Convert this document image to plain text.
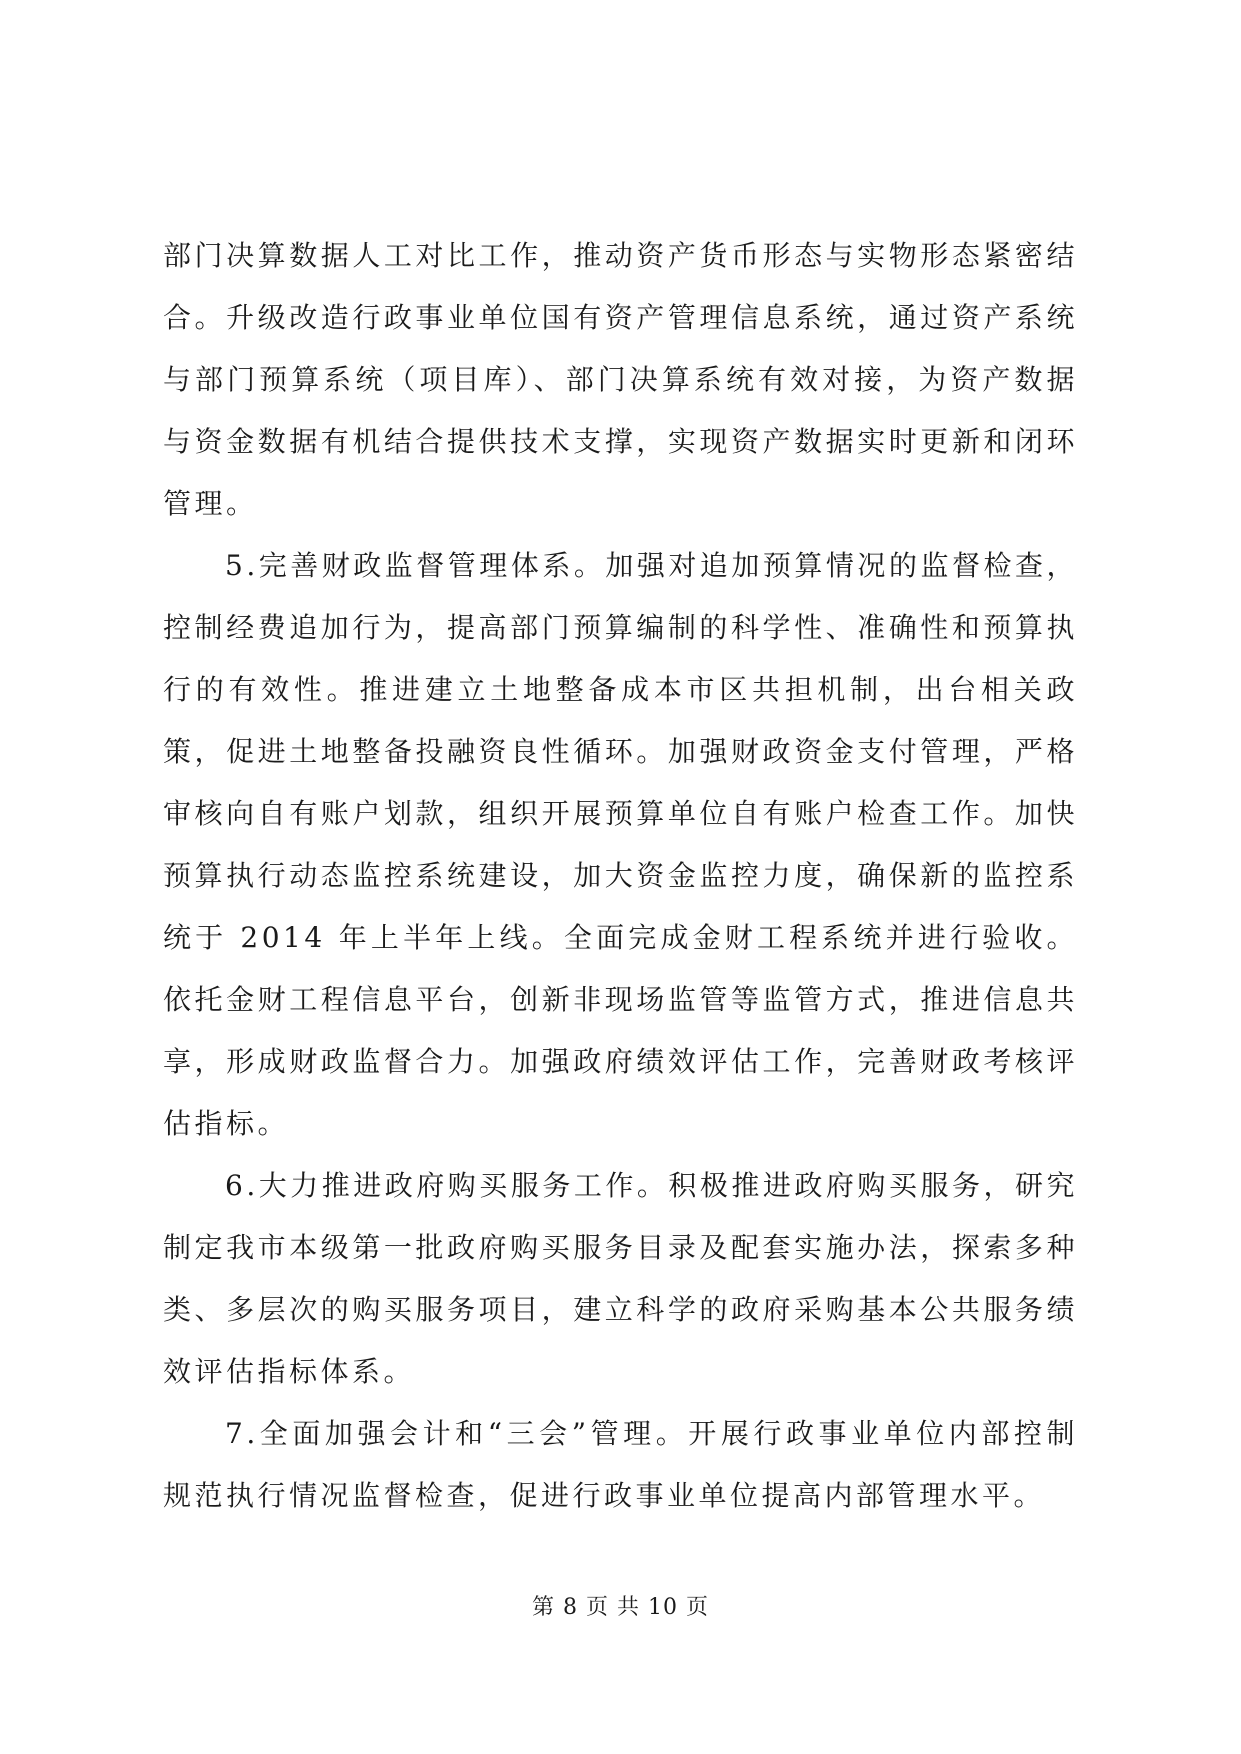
部门决算数据人工对比工作，推动资产货币形态与实物形态紧密结合。升级改造行政事业单位国有资产管理信息系统，通过资产系统与部门预算系统（项目库）、部门决算系统有效对接，为资产数据与资金数据有机结合提供技术支撑，实现资产数据实时更新和闭环管理。

5.完善财政监督管理体系。加强对追加预算情况的监督检查，控制经费追加行为，提高部门预算编制的科学性、准确性和预算执行的有效性。推进建立土地整备成本市区共担机制，出台相关政策，促进土地整备投融资良性循环。加强财政资金支付管理，严格审核向自有账户划款，组织开展预算单位自有账户检查工作。加快预算执行动态监控系统建设，加大资金监控力度，确保新的监控系统于 2014 年上半年上线。全面完成金财工程系统并进行验收。依托金财工程信息平台，创新非现场监管等监管方式，推进信息共享，形成财政监督合力。加强政府绩效评估工作，完善财政考核评估指标。

6.大力推进政府购买服务工作。积极推进政府购买服务，研究制定我市本级第一批政府购买服务目录及配套实施办法，探索多种类、多层次的购买服务项目，建立科学的政府采购基本公共服务绩效评估指标体系。

7.全面加强会计和“三会”管理。开展行政事业单位内部控制规范执行情况监督检查，促进行政事业单位提高内部管理水平。

第 8 页 共 10 页
